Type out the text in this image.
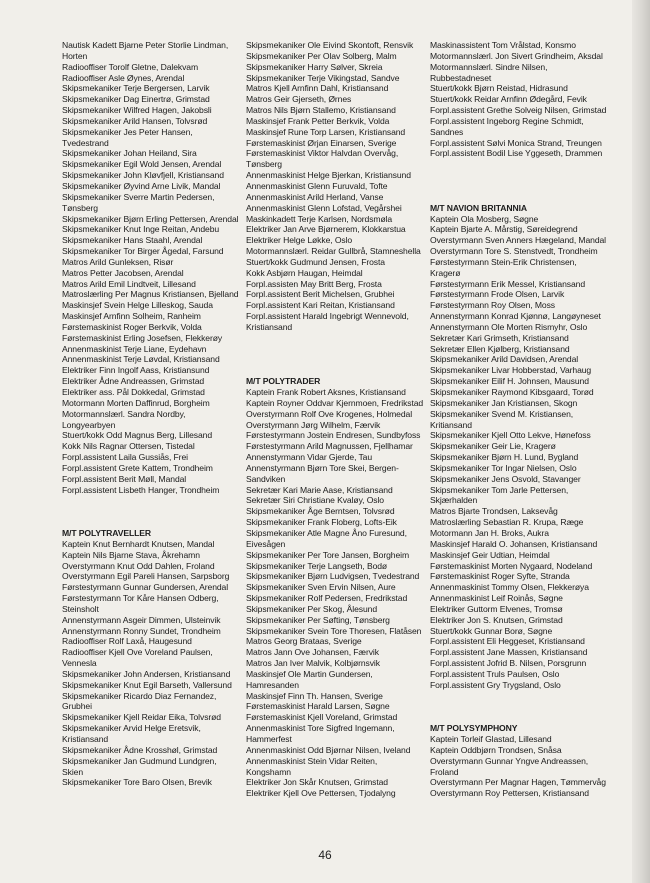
Nautisk Kadett Bjarne Peter Storlie Lindman,
Horten
Radiooffiser Torolf Gletne, Dalekvam
Radiooffiser Asle Øynes, Arendal
Skipsmekaniker Terje Bergersen, Larvik
Skipsmekaniker Dag Einertrø, Grimstad
Skipsmekaniker Wilfred Hagen, Jakobsli
Skipsmekaniker Arild Hansen, Tolvsrød
Skipsmekaniker Jes Peter Hansen,
Tvedestrand
Skipsmekaniker Johan Heiland, Sira
Skipsmekaniker Egil Wold Jensen, Arendal
Skipsmekaniker John Kløvfjell, Kristiansand
Skipsmekaniker Øyvind Arne Livik, Mandal
Skipsmekaniker Sverre Martin Pedersen,
Tønsberg
Skipsmekaniker Bjørn Erling Pettersen, Arendal
Skipsmekaniker Knut Inge Reitan, Andebu
Skipsmekaniker Hans Staahl, Arendal
Skipsmekaniker Tor Birger Ågedal, Farsund
Matros Arild Gunleksen, Risør
Matros Petter Jacobsen, Arendal
Matros Arild Emil Lindtveit, Lillesand
Matroslærling Per Magnus Kristiansen, Bjelland
Maskinsjef Svein Helge Lilleskog, Sauda
Maskinsjef Arnfinn Solheim, Ranheim
Førstemaskinist Roger Berkvik, Volda
Førstemaskinist Erling Josefsen, Flekkerøy
Annenmaskinist Terje Liane, Eydehavn
Annenmaskinist Terje Løvdal, Kristiansand
Elektriker Finn Ingolf Aass, Kristiansund
Elektriker Ådne Andreassen, Grimstad
Elektriker ass. Pål Dokkedal, Grimstad
Motormann Morten Daffinrud, Borgheim
Motormannslærl. Sandra Nordby,
Longyearbyen
Stuert/kokk Odd Magnus Berg, Lillesand
Kokk Nils Ragnar Ottersen, Tistedal
Forpl.assistent Laila Gussiås, Frei
Forpl.assistent Grete Kattem, Trondheim
Forpl.assistent Berit Møll, Mandal
Forpl.assistent Lisbeth Hanger, Trondheim
M/T POLYTRAVELLER
Kaptein Knut Bernhardt Knutsen, Mandal
Kaptein Nils Bjarne Stava, Åkrehamn
Overstyrmann Knut Odd Dahlen, Froland
Overstyrmann Egil Pareli Hansen, Sarpsborg
Førstestyrmann Gunnar Gundersen, Arendal
Førstestyrmann Tor Kåre Hansen Odberg,
Steinsholt
Annenstyrmann Asgeir Dimmen, Ulsteinvik
Annenstyrmann Ronny Sundet, Trondheim
Radiooffiser Rolf Laxå, Haugesund
Radiooffiser Kjell Ove Voreland Paulsen,
Vennesla
Skipsmekaniker John Andersen, Kristiansand
Skipsmekaniker Knut Egil Barseth, Vallersund
Skipsmekaniker Ricardo Diaz Fernandez,
Grubhei
Skipsmekaniker Kjell Reidar Eika, Tolvsrød
Skipsmekaniker Arvid Helge Eretsvik,
Kristiansand
Skipsmekaniker Ådne Krosshøl, Grimstad
Skipsmekaniker Jan Gudmund Lundgren,
Skien
Skipsmekaniker Tore Baro Olsen, Brevik
Skipsmekaniker Ole Eivind Skontoft, Rensvik
Skipsmekaniker Per Olav Solberg, Malm
Skipsmekaniker Harry Sølver, Skreia
Skipsmekaniker Terje Vikingstad, Sandve
Matros Kjell Arnfinn Dahl, Kristiansand
Matros Geir Gjerseth, Ørnes
Matros Nils Bjørn Stallemo, Kristiansand
Maskinsjef Frank Petter Berkvik, Volda
Maskinsjef Rune Torp Larsen, Kristiansand
Førstemaskinist Ørjan Einarsen, Sverige
Førstemaskinist Viktor Halvdan Overvåg,
Tønsberg
Annenmaskinist Helge Bjerkan, Kristiansund
Annenmaskinist Glenn Furuvald, Tofte
Annenmaskinist Arild Herland, Vanse
Annenmaskinist Glenn Lofstad, Vegårshei
Maskinkadett Terje Karlsen, Nordsmøla
Elektriker Jan Arve Bjørnerem, Klokkarstua
Elektriker Helge Løkke, Oslo
Motormannslærl. Reidar Gullbrå, Stamneshella
Stuert/kokk Gudmund Jensen, Frosta
Kokk Asbjørn Haugan, Heimdal
Forpl.assisten May Britt Berg, Frosta
Forpl.assistent Berit Michelsen, Grubhei
Forpl.assistent Kari Reitan, Kristiansand
Forpl.assistent Harald Ingebrigt Wennevold,
Kristiansand
M/T POLYTRADER
Kaptein Frank Robert Aksnes, Kristiansand
Kaptein Royner Oddvar Kjernmoen, Fredrikstad
Overstyrmann Rolf Ove Krogenes, Holmedal
Overstyrmann Jørg Wilhelm, Færvik
Førstestyrmann Jostein Endresen, Sundbyfoss
Førstestyrmann Arild Magnussen, Fjellhamar
Annenstyrmann Vidar Gjerde, Tau
Annenstyrmann Bjørn Tore Skei, Bergen-
Sandviken
Sekretær Kari Marie Aase, Kristiansand
Sekretær Siri Christiane Kvaløy, Oslo
Skipsmekaniker Åge Berntsen, Tolvsrød
Skipsmekaniker Frank Floberg, Lofts-Eik
Skipsmekaniker Atle Magne Åno Furesund,
Eivesågen
Skipsmekaniker Per Tore Jansen, Borgheim
Skipsmekaniker Terje Langseth, Bodø
Skipsmekaniker Bjørn Ludvigsen, Tvedestrand
Skipsmekaniker Sven Ervin Nilsen, Aure
Skipsmekaniker Rolf Pedersen, Fredrikstad
Skipsmekaniker Per Skog, Ålesund
Skipsmekaniker Per Søfting, Tønsberg
Skipsmekaniker Svein Tore Thoresen, Flatåsen
Matros Georg Brataas, Sverige
Matros Jann Ove Johansen, Færvik
Matros Jan Iver Malvik, Kolbjørnsvik
Maskinsjef Ole Martin Gundersen,
Hamresanden
Maskinsjef Finn Th. Hansen, Sverige
Førstemaskinist Harald Larsen, Søgne
Førstemaskinist Kjell Voreland, Grimstad
Annenmaskinist Tore Sigfred Ingemann,
Hammerfest
Annenmaskinist Odd Bjørnar Nilsen, Iveland
Annenmaskinist Stein Vidar Reiten,
Kongshamn
Elektriker Jon Skår Knutsen, Grimstad
Elektriker Kjell Ove Pettersen, Tjodalyng
Maskinassistent Tom Vrålstad, Konsmo
Motormannslærl. Jon Sivert Grindheim, Aksdal
Motormannslærl. Sindre Nilsen,
Rubbestadneset
Stuert/kokk Bjørn Reistad, Hidrasund
Stuert/kokk Reidar Arnfinn Ødegård, Fevik
Forpl.assistent Grethe Solveig Nilsen, Grimstad
Forpl.assistent Ingeborg Regine Schmidt,
Sandnes
Forpl.assistent Sølvi Monica Strand, Treungen
Forpl.assistent Bodil Lise Yggeseth, Drammen
M/T NAVION BRITANNIA
Kaptein Ola Mosberg, Søgne
Kaptein Bjarte A. Mårstig, Søreidegrend
Overstyrmann Sven Anners Hægeland, Mandal
Overstyrmann Tore S. Stenstvedt, Trondheim
Førstestyrmann Stein-Erik Christensen,
Kragerø
Førstestyrmann Erik Messel, Kristiansand
Førstestyrmann Frode Olsen, Larvik
Førstestyrmann Roy Olsen, Moss
Annenstyrmann Konrad Kjønnø, Langøyneset
Annenstyrmann Ole Morten Rismyhr, Oslo
Sekretær Kari Grimseth, Kristiansand
Sekretær Ellen Kjølberg, Kristiansand
Skipsmekaniker Arild Davidsen, Arendal
Skipsmekaniker Livar Hobberstad, Varhaug
Skipsmekaniker Eilif H. Johnsen, Mausund
Skipsmekaniker Raymond Kibsgaard, Torød
Skipsmekaniker Jan Kristiansen, Skogn
Skipsmekaniker Svend M. Kristiansen,
Kritiansand
Skipsmekaniker Kjell Otto Lekve, Hønefoss
Skipsmekaniker Geir Lie, Kragerø
Skipsmekaniker Bjørn H. Lund, Bygland
Skipsmekaniker Tor Ingar Nielsen, Oslo
Skipsmekaniker Jens Osvold, Stavanger
Skipsmekaniker Tom Jarle Pettersen,
Skjærhalden
Matros Bjarte Trondsen, Laksevåg
Matroslærling Sebastian R. Krupa, Ræge
Motormann Jan H. Broks, Aukra
Maskinsjef Harald O. Johansen, Kristiansand
Maskinsjef Geir Udtian, Heimdal
Førstemaskinist Morten Nygaard, Nodeland
Førstemaskinist Roger Syfte, Stranda
Annenmaskinist Tommy Olsen, Flekkerøya
Annenmaskinist Leif Roinås, Søgne
Elektriker Guttorm Elvenes, Tromsø
Elektriker Jon S. Knutsen, Grimstad
Stuert/kokk Gunnar Borø, Søgne
Forpl.assistent Eli Heggeset, Kristiansand
Forpl.assistent Jane Massen, Kristiansand
Forpl.assistent Jofrid B. Nilsen, Porsgrunn
Forpl.assistent Truls Paulsen, Oslo
Forpl.assistent Gry Trygsland, Oslo
M/T POLYSYMPHONY
Kaptein Torleif Glastad, Lillesand
Kaptein Oddbjørn Trondsen, Snåsa
Overstyrmann Gunnar Yngve Andreassen,
Froland
Overstyrmann Per Magnar Hagen, Tømmervåg
Overstyrmann Roy Pettersen, Kristiansand
46
